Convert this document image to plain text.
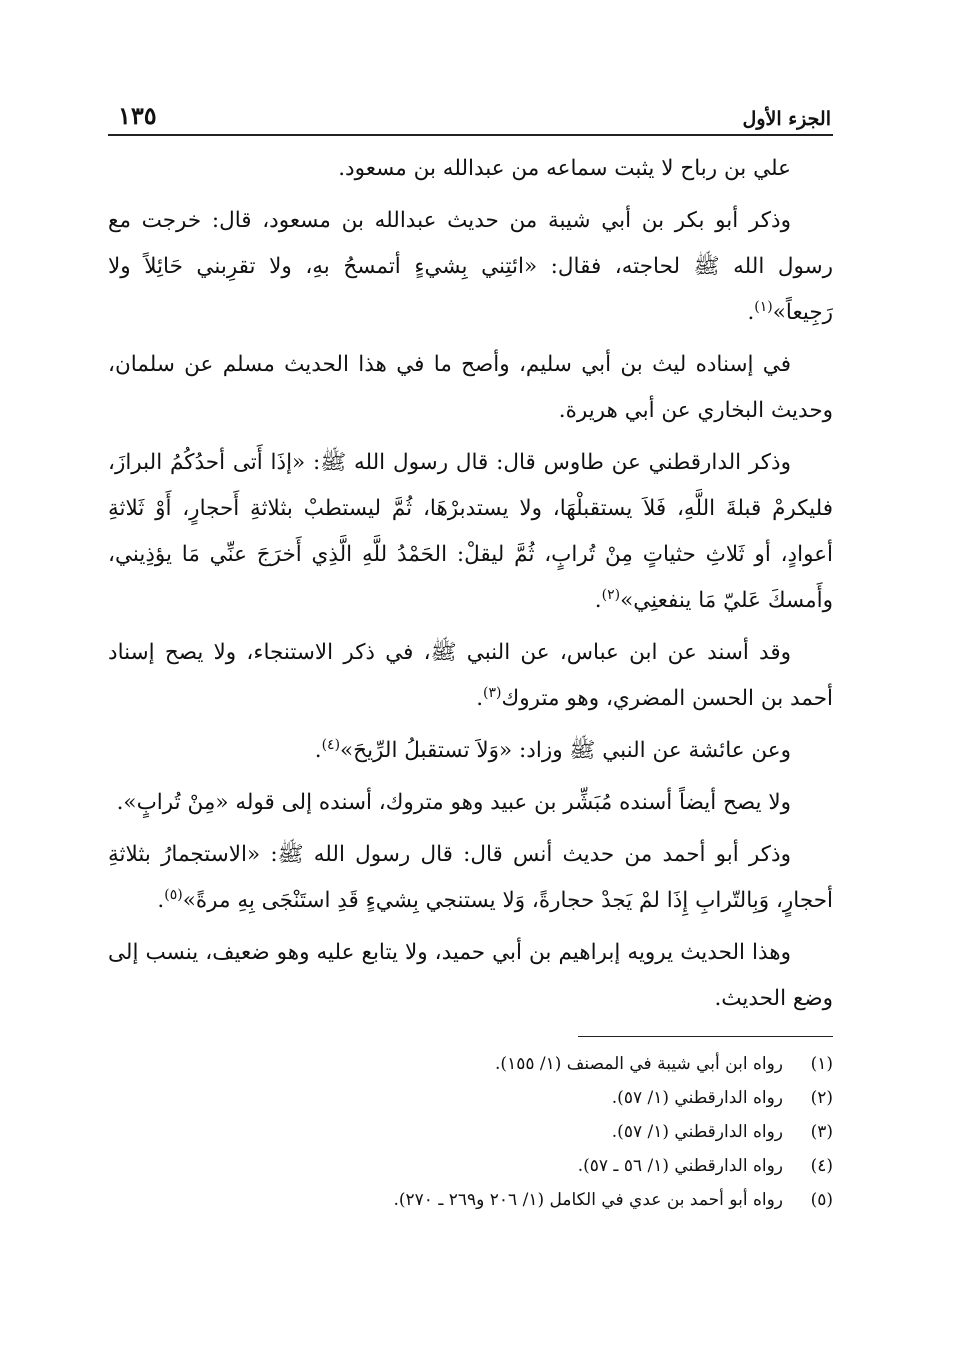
الجزء الأول
١٣٥

علي بن رباح لا يثبت سماعه من عبدالله بن مسعود.

وذكر أبو بكر بن أبي شيبة من حديث عبدالله بن مسعود، قال: خرجت مع رسول الله ﷺ لحاجته، فقال: «ائتِني بِشيءٍ أتمسحُ بهِ، ولا تقرِبني حَائِلاً ولا رَجِيعاً»$^{(١)}$.

في إسناده ليث بن أبي سليم، وأصح ما في هذا الحديث مسلم عن سلمان، وحديث البخاري عن أبي هريرة.

وذكر الدارقطني عن طاوس قال: قال رسول الله ﷺ: «إذَا أَتى أحدُكُمُ البرازَ، فليكرمْ قبلةَ اللَّهِ، فَلاَ يستقبلْهَا، ولا يستدبرْهَا، ثُمَّ ليستطبْ بثلاثةِ أَحجارٍ، أَوْ ثَلاثةِ أعوادٍ، أو ثَلاثِ حثياتٍ مِنْ تُرابٍ، ثُمَّ ليقلْ: الحَمْدُ للَّهِ الَّذِي أَخرَجَ عنِّي مَا يؤذِيني، وأَمسكَ عَليّ مَا ينفعنِي»$^{(٢)}$.

وقد أسند عن ابن عباس، عن النبي ﷺ، في ذكر الاستنجاء، ولا يصح إسناد أحمد بن الحسن المضري، وهو متروك$^{(٣)}$.

وعن عائشة عن النبي ﷺ وزاد: «وَلاَ تستقبلُ الرِّيحَ»$^{(٤)}$.

ولا يصح أيضاً أسنده مُبَشِّر بن عبيد وهو متروك، أسنده إلى قوله «مِنْ تُرابٍ».

وذكر أبو أحمد من حديث أنس قال: قال رسول الله ﷺ: «الاستجمارُ بثلاثةِ أحجارٍ، وَبِالتّرابِ إِذَا لمْ يَجدْ حجارةً، وَلا يستنجي بِشيءٍ قَدِ استَنْجَى بِهِ مرةً»$^{(٥)}$.

وهذا الحديث يرويه إبراهيم بن أبي حميد، ولا يتابع عليه وهو ضعيف، ينسب إلى وضع الحديث.

(١)
رواه ابن أبي شيبة في المصنف (١/ ١٥٥).
(٢)
رواه الدارقطني (١/ ٥٧).
(٣)
رواه الدارقطني (١/ ٥٧).
(٤)
رواه الدارقطني (١/ ٥٦ ـ ٥٧).
(٥)
رواه أبو أحمد بن عدي في الكامل (١/ ٢٠٦ و٢٦٩ ـ ٢٧٠).
